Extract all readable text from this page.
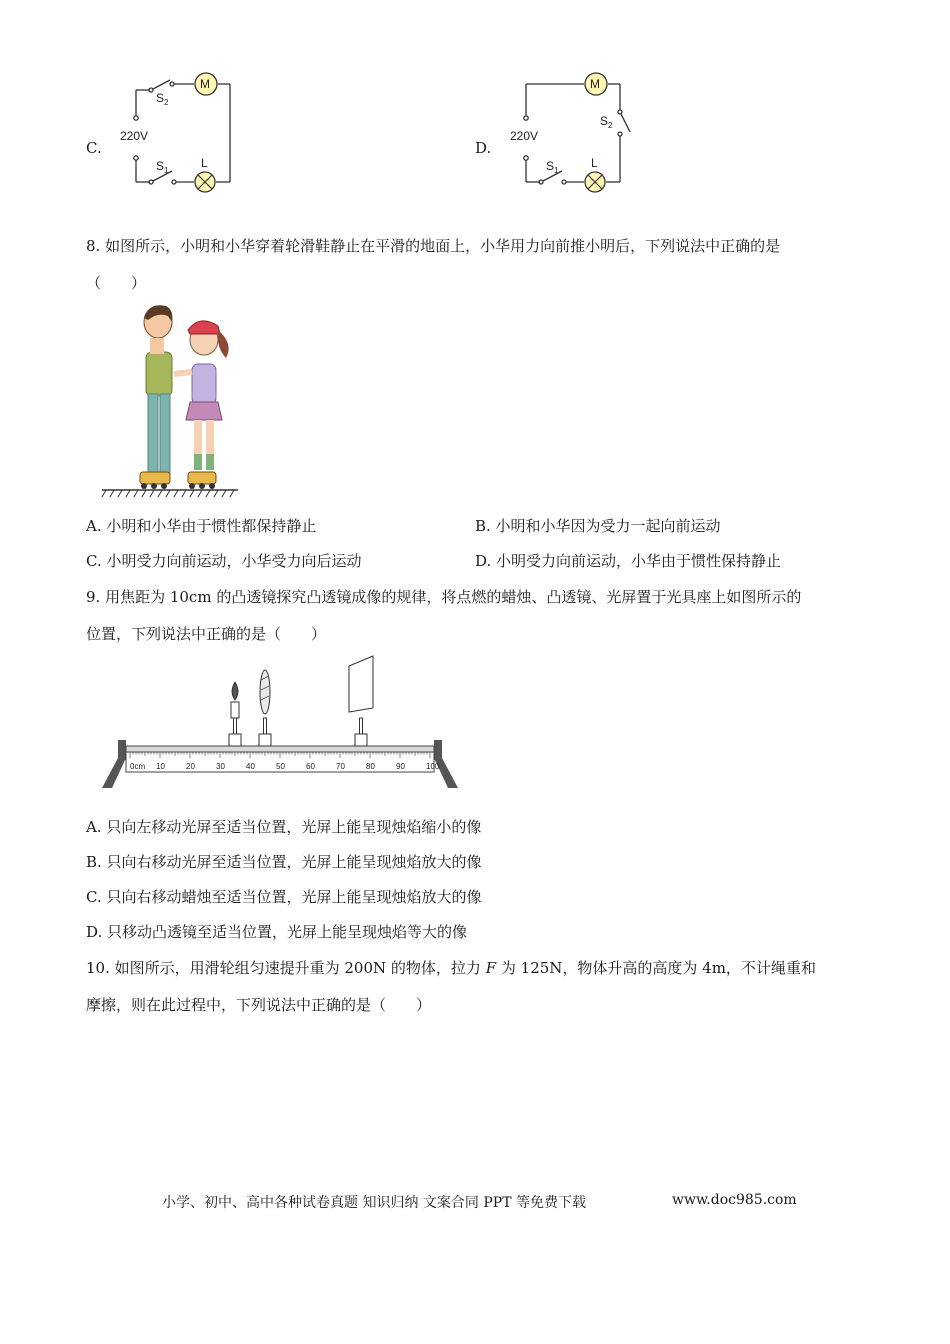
C.
M
L
S 2
S 1
220V
D.
M
L
S 2
S 1
220V
8. 如图所示，小明和小华穿着轮滑鞋静止在平滑的地面上，小华用力向前推小明后，下列说法中正确的是
（　　）
A. 小明和小华由于惯性都保持静止	B. 小明和小华因为受力一起向前运动
C. 小明受力向前运动，小华受力向后运动	D. 小明受力向前运动，小华由于惯性保持静止
9. 用焦距为 10cm 的凸透镜探究凸透镜成像的规律，将点燃的蜡烛、凸透镜、光屏置于光具座上如图所示的
位置，下列说法中正确的是（　　）
0cm 10	20	30	40	50	60	70	80	90	100
A. 只向左移动光屏至适当位置，光屏上能呈现烛焰缩小的像
B. 只向右移动光屏至适当位置，光屏上能呈现烛焰放大的像
C. 只向右移动蜡烛至适当位置，光屏上能呈现烛焰放大的像
D. 只移动凸透镜至适当位置，光屏上能呈现烛焰等大的像
10. 如图所示，用滑轮组匀速提升重为 200N 的物体，拉力 F 为 125N，物体升高的高度为 4m，不计绳重和
摩擦，则在此过程中，下列说法中正确的是（　　）
小学、初中、高中各种试卷真题 知识归纳 文案合同 PPT 等免费下载	www.doc985.com
